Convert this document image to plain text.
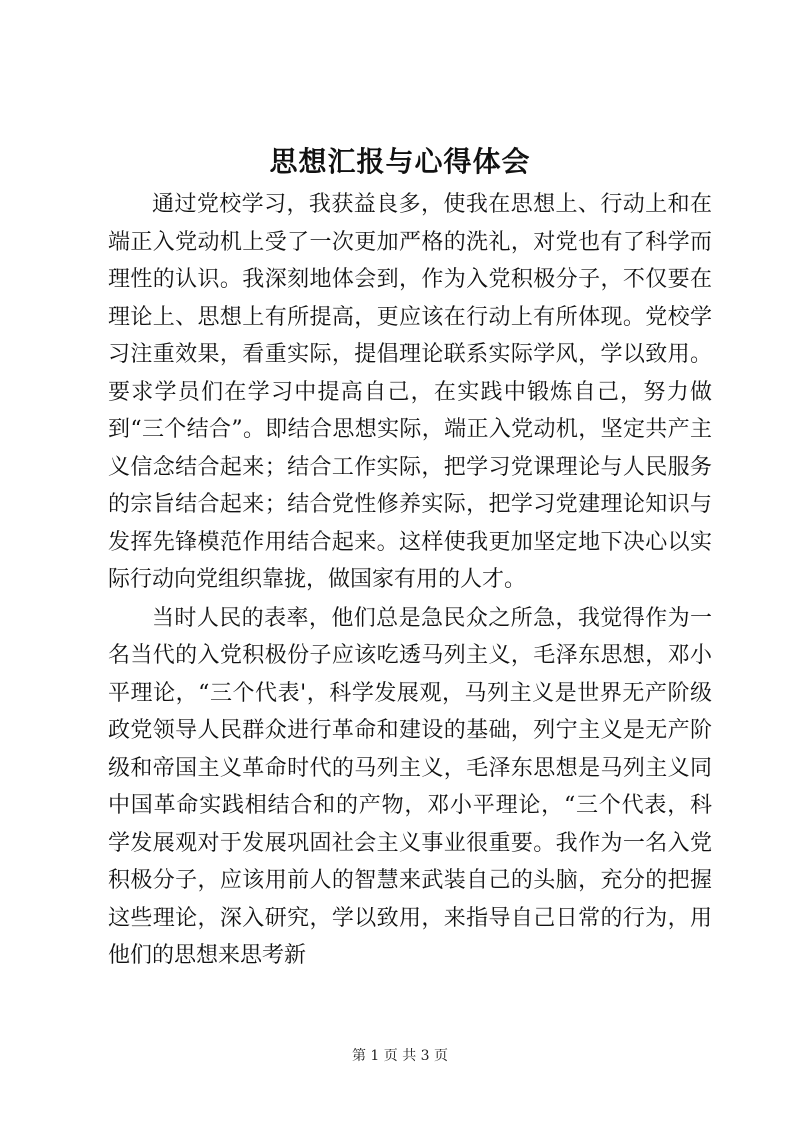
思想汇报与心得体会

通过党校学习，我获益良多，使我在思想上、行动上和在端正入党动机上受了一次更加严格的洗礼，对党也有了科学而理性的认识。我深刻地体会到，作为入党积极分子，不仅要在理论上、思想上有所提高，更应该在行动上有所体现。党校学习注重效果，看重实际，提倡理论联系实际学风，学以致用。要求学员们在学习中提高自己，在实践中锻炼自己，努力做到“三个结合”。即结合思想实际，端正入党动机，坚定共产主义信念结合起来；结合工作实际，把学习党课理论与人民服务的宗旨结合起来；结合党性修养实际，把学习党建理论知识与发挥先锋模范作用结合起来。这样使我更加坚定地下决心以实际行动向党组织靠拢，做国家有用的人才。

当时人民的表率，他们总是急民众之所急，我觉得作为一名当代的入党积极份子应该吃透马列主义，毛泽东思想，邓小平理论，“三个代表'，科学发展观，马列主义是世界无产阶级政党领导人民群众进行革命和建设的基础，列宁主义是无产阶级和帝国主义革命时代的马列主义，毛泽东思想是马列主义同中国革命实践相结合和的产物，邓小平理论，“三个代表，科学发展观对于发展巩固社会主义事业很重要。我作为一名入党积极分子，应该用前人的智慧来武装自己的头脑，充分的把握这些理论，深入研究，学以致用，来指导自己日常的行为，用他们的思想来思考新

第 1 页 共 3 页
